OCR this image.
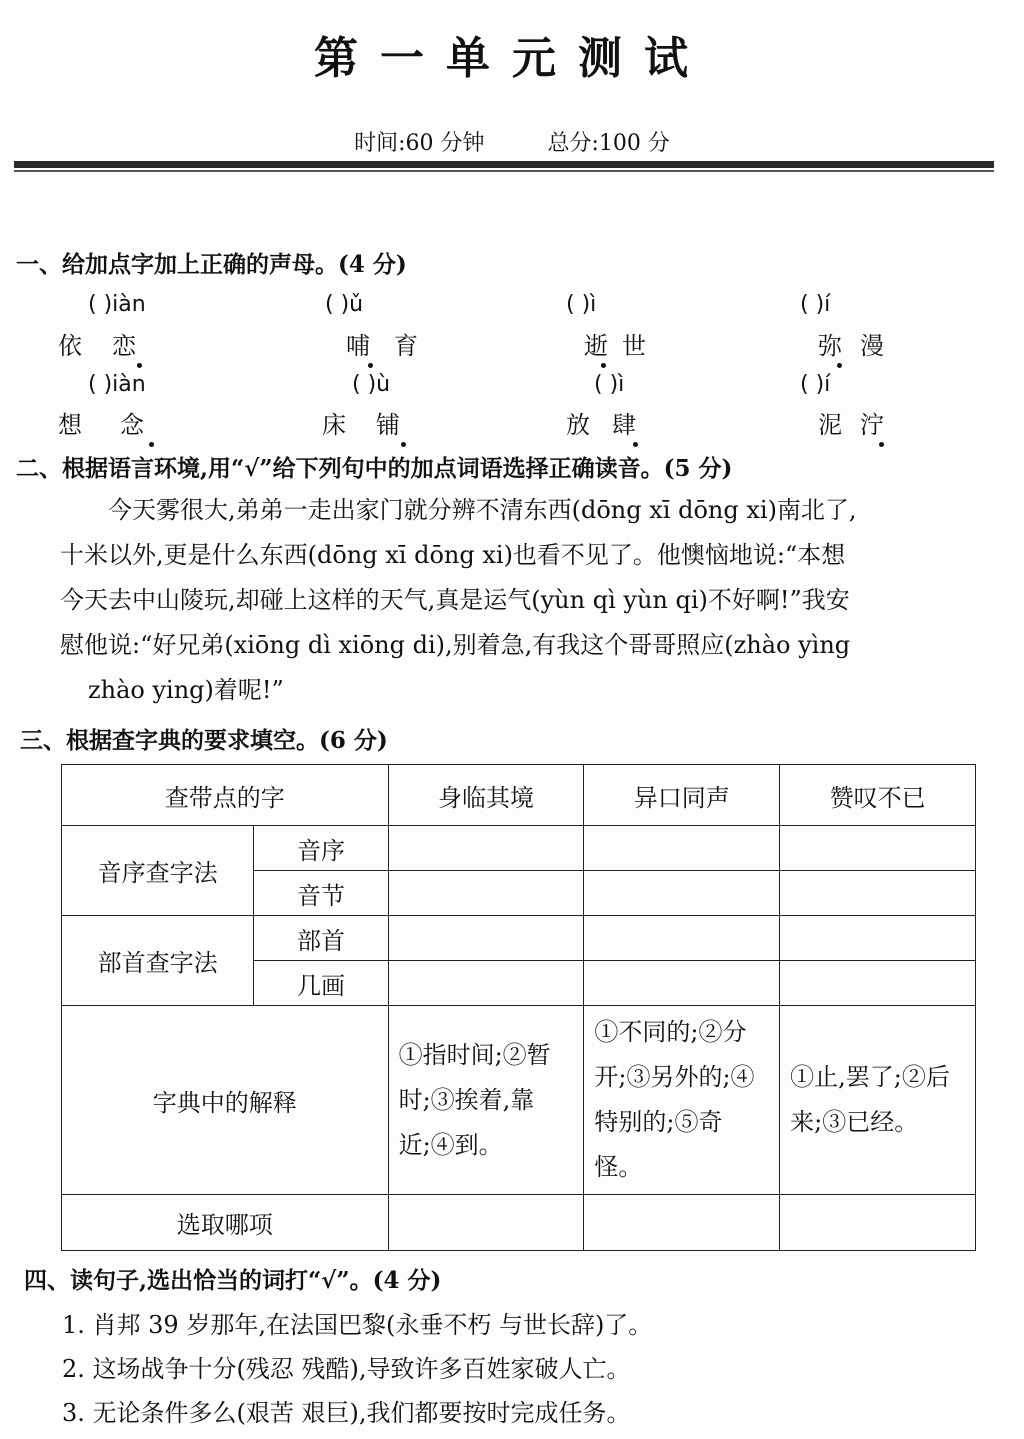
第一单元测试
时间:60 分钟	总分:100 分
一、给加点字加上正确的声母。(4 分)
( )iàn
依恋
( )ǔ
哺育
( )ì
逝世
( )í
弥漫
( )iàn
想念
( )ù
床铺
( )ì
放肆
( )í
泥泞
二、根据语言环境,用“√”给下列句中的加点词语选择正确读音。(5 分)
今天雾很大,弟弟一走出家门就分辨不清东西(dōng xī dōng xi)南北了,
十米以外,更是什么东西(dōng xī dōng xi)也看不见了。他懊恼地说:“本想
今天去中山陵玩,却碰上这样的天气,真是运气(yùn qì yùn qi)不好啊!”我安
慰他说:“好兄弟(xiōng dì xiōng di),别着急,有我这个哥哥照应(zhào yìng
zhào ying)着呢!”
三、根据查字典的要求填空。(6 分)
查带点的字		身临其境	异口同声	赞叹不已
音序查字法	音序			
	音节			
部首查字法	部首			
	几画			
字典中的解释		①指时间;②暂时;③挨着,靠近;④到。	①不同的;②分开;③另外的;④特别的;⑤奇怪。	①止,罢了;②后来;③已经。
选取哪项				
四、读句子,选出恰当的词打“√”。(4 分)
1. 肖邦 39 岁那年,在法国巴黎(永垂不朽 与世长辞)了。
2. 这场战争十分(残忍 残酷),导致许多百姓家破人亡。
3. 无论条件多么(艰苦 艰巨),我们都要按时完成任务。
